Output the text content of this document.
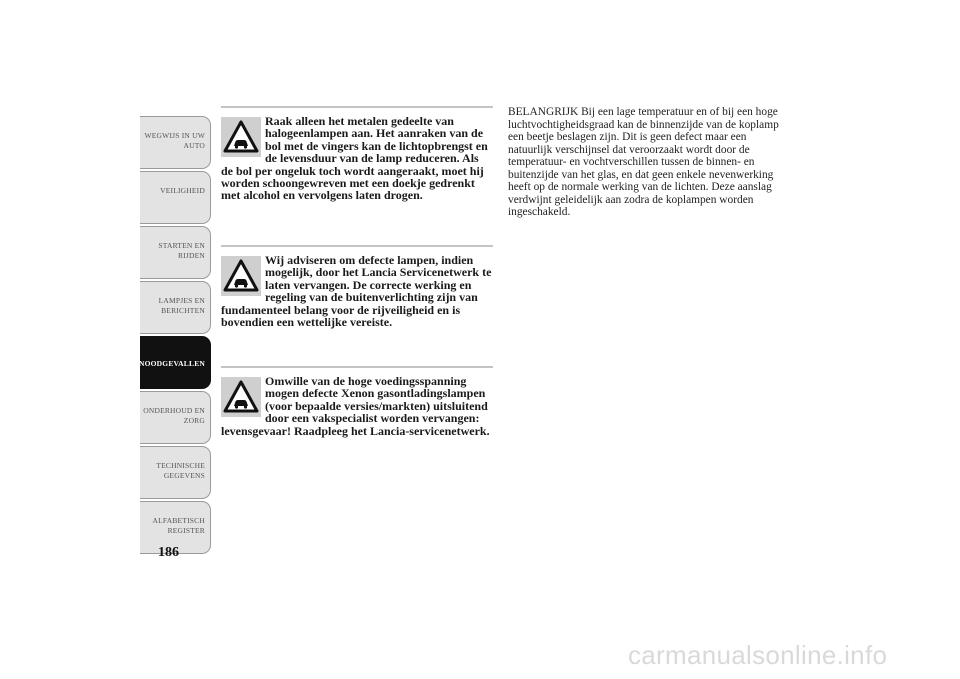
WEGWIJS IN UW
AUTO
VEILIGHEID
STARTEN EN
RIJDEN
LAMPJES EN
BERICHTEN
NOODGEVALLEN
ONDERHOUD EN
ZORG
TECHNISCHE
GEGEVENS
ALFABETISCH
REGISTER
186

Raak alleen het metalen gedeelte van halogeenlampen aan. Het aanraken van de bol met de vingers kan de lichtopbrengst en de levensduur van de lamp reduceren. Als de bol per ongeluk toch wordt aangeraakt, moet hij worden schoongewreven met een doekje gedrenkt met alcohol en vervolgens laten drogen.

Wij adviseren om defecte lampen, indien mogelijk, door het Lancia Servicenetwerk te laten vervangen. De correcte werking en regeling van de buitenverlichting zijn van fundamenteel belang voor de rijveiligheid en is bovendien een wettelijke vereiste.

Omwille van de hoge voedingsspanning mogen defecte Xenon gasontladingslampen (voor bepaalde versies/markten) uitsluitend door een vakspecialist worden vervangen: levensgevaar! Raadpleeg het Lancia-servicenetwerk.

BELANGRIJK Bij een lage temperatuur en of bij een hoge luchtvochtigheidsgraad kan de binnenzijde van de koplamp een beetje beslagen zijn. Dit is geen defect maar een natuurlijk verschijnsel dat veroorzaakt wordt door de temperatuur- en vochtverschillen tussen de binnen- en buitenzijde van het glas, en dat geen enkele nevenwerking heeft op de normale werking van de lichten. Deze aanslag verdwijnt geleidelijk aan zodra de koplampen worden ingeschakeld.

carmanualsonline.info
